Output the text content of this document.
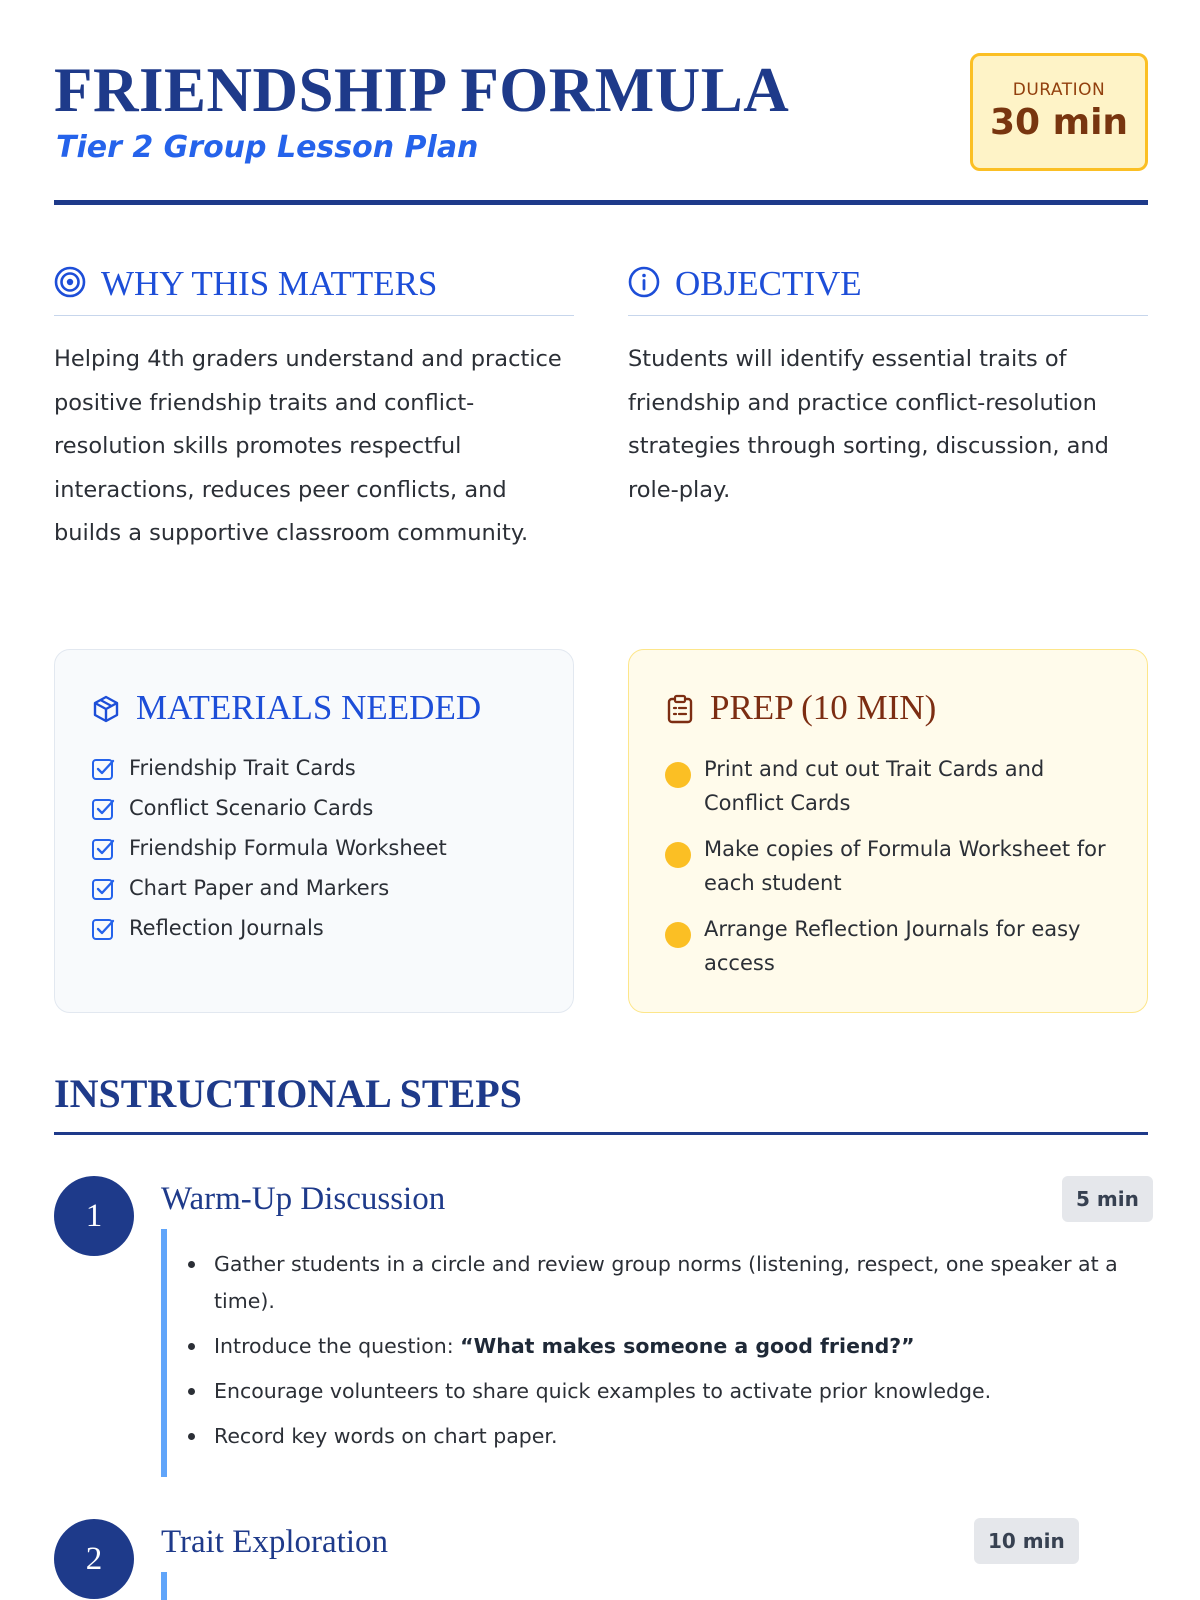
FRIENDSHIP FORMULA
Tier 2 Group Lesson Plan
DURATION
30 min
WHY THIS MATTERS

Helping 4th graders understand and practice positive friendship traits and conflict-resolution skills promotes respectful interactions, reduces peer conflicts, and builds a supportive classroom community.

OBJECTIVE

Students will identify essential traits of friendship and practice conflict-resolution strategies through sorting, discussion, and role-play.

MATERIALS NEEDED
Friendship Trait Cards
Conflict Scenario Cards
Friendship Formula Worksheet
Chart Paper and Markers
Reflection Journals
PREP (10 MIN)
Print and cut out Trait Cards and Conflict Cards
Make copies of Formula Worksheet for each student
Arrange Reflection Journals for easy access
INSTRUCTIONAL STEPS
1	Warm-Up Discussion	5 min
Gather students in a circle and review group norms (listening, respect, one speaker at a time).
Introduce the question: “What makes someone a good friend?”
Encourage volunteers to share quick examples to activate prior knowledge.
Record key words on chart paper.
2	Trait Exploration	10 min
